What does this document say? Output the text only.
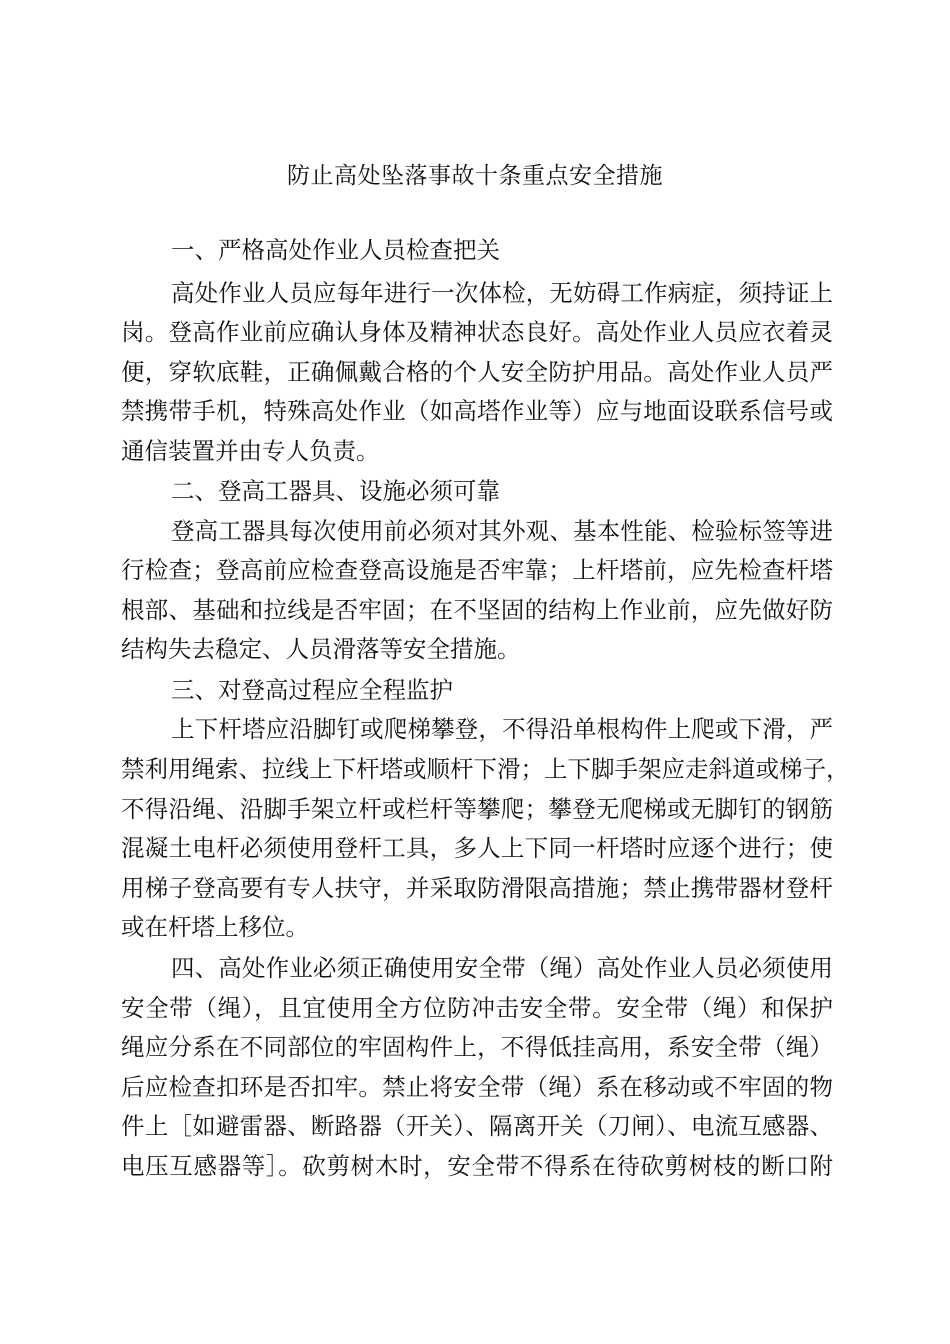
防止高处坠落事故十条重点安全措施
一、严格高处作业人员检查把关
高处作业人员应每年进行一次体检，无妨碍工作病症，须持证上
岗。登高作业前应确认身体及精神状态良好。高处作业人员应衣着灵
便，穿软底鞋，正确佩戴合格的个人安全防护用品。高处作业人员严
禁携带手机，特殊高处作业（如高塔作业等）应与地面设联系信号或
通信装置并由专人负责。
二、登高工器具、设施必须可靠
登高工器具每次使用前必须对其外观、基本性能、检验标签等进
行检查；登高前应检查登高设施是否牢靠；上杆塔前，应先检查杆塔
根部、基础和拉线是否牢固；在不坚固的结构上作业前，应先做好防
结构失去稳定、人员滑落等安全措施。
三、对登高过程应全程监护
上下杆塔应沿脚钉或爬梯攀登，不得沿单根构件上爬或下滑，严
禁利用绳索、拉线上下杆塔或顺杆下滑；上下脚手架应走斜道或梯子，
不得沿绳、沿脚手架立杆或栏杆等攀爬；攀登无爬梯或无脚钉的钢筋
混凝土电杆必须使用登杆工具，多人上下同一杆塔时应逐个进行；使
用梯子登高要有专人扶守，并采取防滑限高措施；禁止携带器材登杆
或在杆塔上移位。
四、高处作业必须正确使用安全带（绳）高处作业人员必须使用
安全带（绳），且宜使用全方位防冲击安全带。安全带（绳）和保护
绳应分系在不同部位的牢固构件上，不得低挂高用，系安全带（绳）
后应检查扣环是否扣牢。禁止将安全带（绳）系在移动或不牢固的物
件上［如避雷器、断路器（开关）、隔离开关（刀闸）、电流互感器、
电压互感器等］。砍剪树木时，安全带不得系在待砍剪树枝的断口附
